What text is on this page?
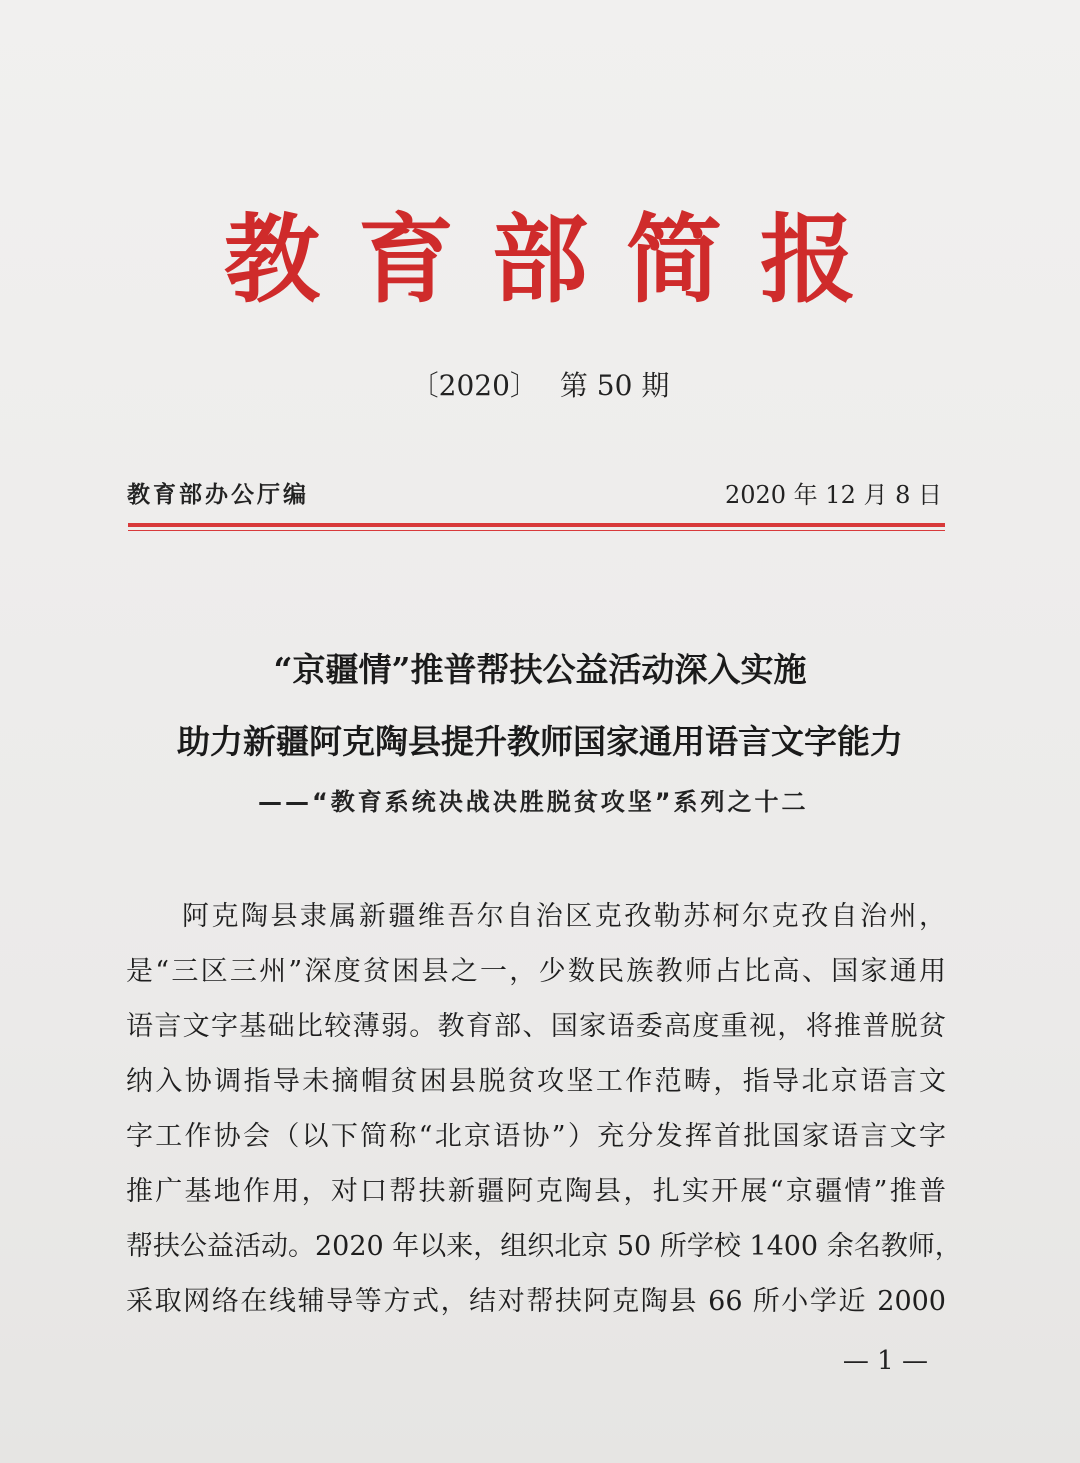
教育部简报
〔2020〕 第 50 期
教育部办公厅编	2020 年 12 月 8 日
“京疆情”推普帮扶公益活动深入实施
助力新疆阿克陶县提升教师国家通用语言文字能力
——“教育系统决战决胜脱贫攻坚”系列之十二
阿克陶县隶属新疆维吾尔自治区克孜勒苏柯尔克孜自治州，
是“三区三州”深度贫困县之一，少数民族教师占比高、国家通用
语言文字基础比较薄弱。教育部、国家语委高度重视，将推普脱贫
纳入协调指导未摘帽贫困县脱贫攻坚工作范畴，指导北京语言文
字工作协会（以下简称“北京语协”）充分发挥首批国家语言文字
推广基地作用，对口帮扶新疆阿克陶县，扎实开展“京疆情”推普
帮扶公益活动。2020 年以来，组织北京 50 所学校 1400 余名教师，
采取网络在线辅导等方式，结对帮扶阿克陶县 66 所小学近 2000
— 1 —
